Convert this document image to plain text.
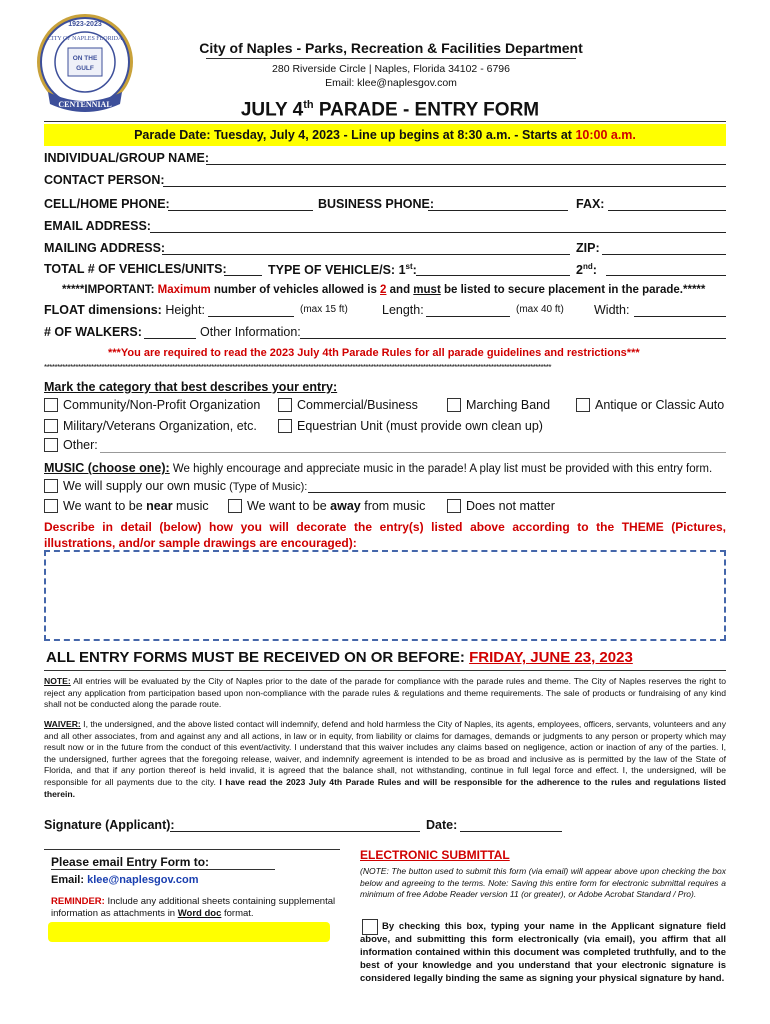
1923-2023
CITY OF NAPLES FLORIDA
ON THE
GULF
CENTENNIAL
City of Naples - Parks, Recreation & Facilities Department
280 Riverside Circle | Naples, Florida 34102 - 6796
Email: klee@naplesgov.com
JULY 4th PARADE - ENTRY FORM
Parade Date: Tuesday, July 4, 2023 - Line up begins at 8:30 a.m. - Starts at 10:00 a.m.
INDIVIDUAL/GROUP NAME:
CONTACT PERSON:
CELL/HOME PHONE:	BUSINESS PHONE:	FAX:
EMAIL ADDRESS:
MAILING ADDRESS:	ZIP:
TOTAL # OF VEHICLES/UNITS:	TYPE OF VEHICLE/S: 1st:	2nd:
*****IMPORTANT: Maximum number of vehicles allowed is 2 and must be listed to secure placement in the parade.*****
FLOAT dimensions: Height:	(max 15 ft)	Length:	(max 40 ft) Width:
# OF WALKERS:	Other Information:
***You are required to read the 2023 July 4th Parade Rules for all parade guidelines and restrictions***
**************************************************************************************************************************************************************************************************
Mark the category that best describes your entry:
Community/Non-Profit Organization	Commercial/Business	Marching Band	Antique or Classic Auto
Military/Veterans Organization, etc.	Equestrian Unit (must provide own clean up)
Other:
MUSIC (choose one): We highly encourage and appreciate music in the parade! A play list must be provided with this entry form.
We will supply our own music (Type of Music):
We want to be near music	We want to be away from music	Does not matter
Describe in detail (below) how you will decorate the entry(s) listed above according to the THEME (Pictures, illustrations, and/or sample drawings are encouraged):
ALL ENTRY FORMS MUST BE RECEIVED ON OR BEFORE: FRIDAY, JUNE 23, 2023
NOTE: All entries will be evaluated by the City of Naples prior to the date of the parade for compliance with the parade rules and theme. The City of Naples reserves the right to reject any application from participation based upon non-compliance with the parade rules & regulations and theme requirements. The sale of products or fundraising of any kind shall not be conducted along the parade route.
WAIVER: I, the undersigned, and the above listed contact will indemnify, defend and hold harmless the City of Naples, its agents, employees, officers, servants, volunteers and any and all other associates, from and against any and all actions, in law or in equity, from liability or claims for damages, demands or judgments to any person or property which may result now or in the future from the conduct of this event/activity. I understand that this waiver includes any claims based on negligence, action or inaction of any of the parties. I, the undersigned, further agrees that the foregoing release, waiver, and indemnify agreement is intended to be as broad and inclusive as is permitted by the law of the State of Florida, and that if any portion thereof is held invalid, it is agreed that the balance shall, not withstanding, continue in full legal force and effect. I, the undersigned, will be responsible for all payments due to the city. I have read the 2023 July 4th Parade Rules and will be responsible for the adherence to the rules and regulations listed therein.
Signature (Applicant):	Date:
Please email Entry Form to:
Email: klee@naplesgov.com
REMINDER: Include any additional sheets containing supplemental information as attachments in Word doc format.
ELECTRONIC SUBMITTAL
(NOTE: The button used to submit this form (via email) will appear above upon checking the box below and agreeing to the terms. Note: Saving this entire form for electronic submittal requires a minimum of free Adobe Reader version 11 (or greater), or Adobe Acrobat Standard / Pro).
By checking this box, typing your name in the Applicant signature field above, and submitting this form electronically (via email), you affirm that all information contained within this document was completed truthfully, and to the best of your knowledge and you understand that your electronic signature is considered legally binding the same as signing your physical signature by hand.
